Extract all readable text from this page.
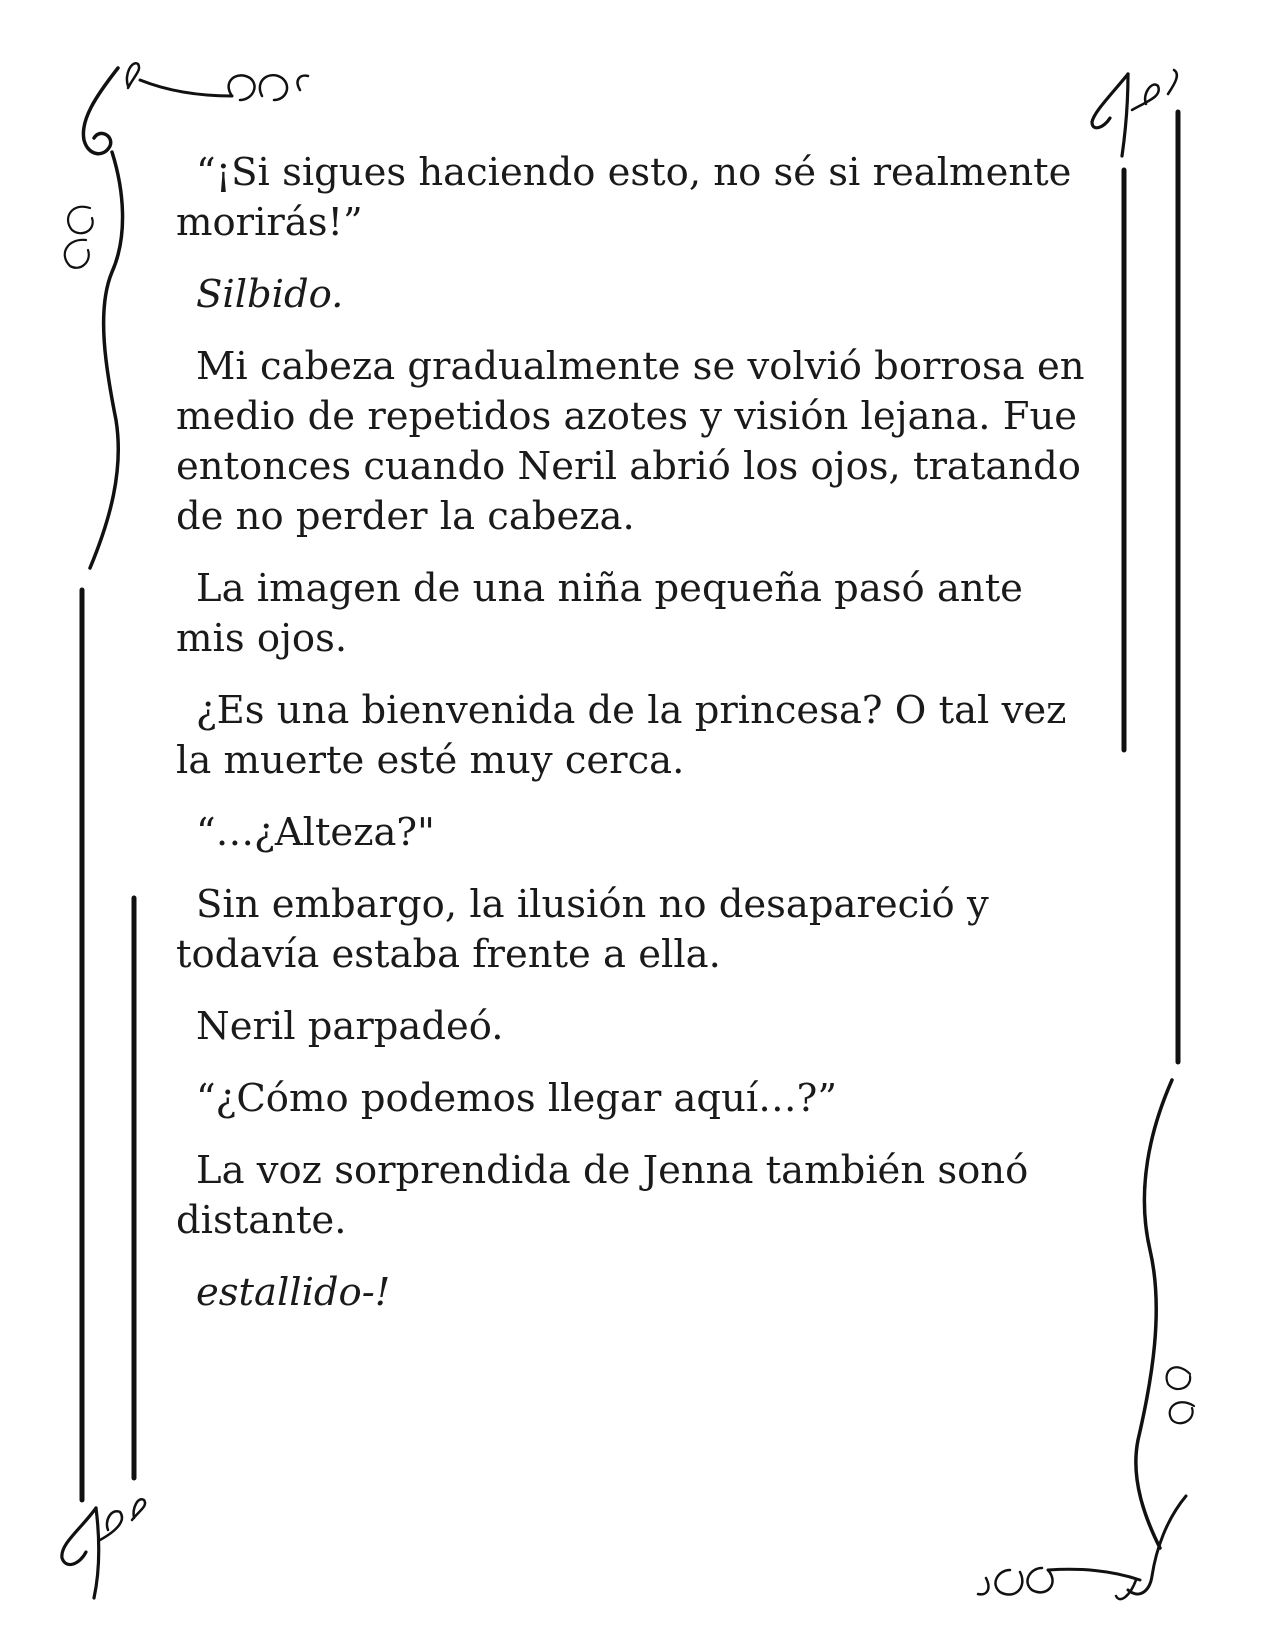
“¡Si sigues haciendo esto, no sé si realmente morirás!”

Silbido.

Mi cabeza gradualmente se volvió borrosa en medio de repetidos azotes y visión lejana. Fue entonces cuando Neril abrió los ojos, tratando de no perder la cabeza.

La imagen de una niña pequeña pasó ante mis ojos.

¿Es una bienvenida de la princesa? O tal vez la muerte esté muy cerca.

“…¿Alteza?"

Sin embargo, la ilusión no desapareció y todavía estaba frente a ella.

Neril parpadeó.

“¿Cómo podemos llegar aquí…?”

La voz sorprendida de Jenna también sonó distante.

estallido-!
